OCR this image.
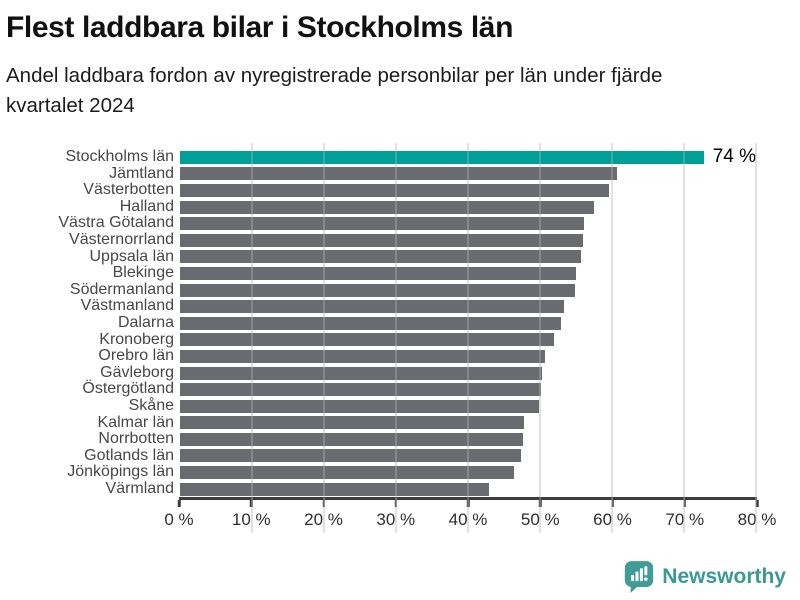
Flest laddbara bilar i Stockholms län
Andel laddbara fordon av nyregistrerade personbilar per län under fjärde
kvartalet 2024
Stockholms län	74 %
Jämtland
Västerbotten
Halland
Västra Götaland
Västernorrland
Uppsala län
Blekinge
Södermanland
Västmanland
Dalarna
Kronoberg
Orebro län
Gävleborg
Östergötland
Skåne
Kalmar län
Norrbotten
Gotlands län
Jönköpings län
Värmland
0 % 10 % 20 % 30 % 40 % 50 % 60 % 70 % 80 %
Newsworthy
